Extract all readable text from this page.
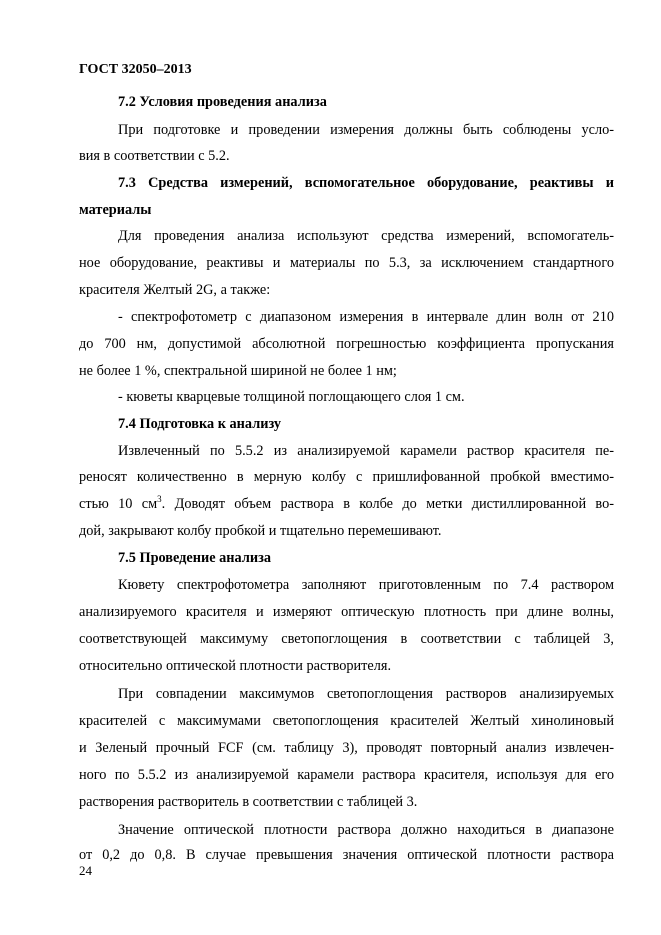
ГОСТ 32050–2013
7.2 Условия проведения анализа
При подготовке и проведении измерения должны быть соблюдены усло-
вия в соответствии с 5.2.
7.3 Средства измерений, вспомогательное оборудование, реактивы и
материалы
Для проведения анализа используют средства измерений, вспомогатель-
ное оборудование, реактивы и материалы по 5.3, за исключением стандартного
красителя Желтый 2G, а также:
- спектрофотометр с диапазоном измерения в интервале длин волн от 210
до 700 нм, допустимой абсолютной погрешностью коэффициента пропускания
не более 1 %, спектральной шириной не более 1 нм;
- кюветы кварцевые толщиной поглощающего слоя 1 см.
7.4 Подготовка к анализу
Извлеченный по 5.5.2 из анализируемой карамели раствор красителя пе-
реносят количественно в мерную колбу с пришлифованной пробкой вместимо-
стью 10 $см^3$. Доводят объем раствора в колбе до метки дистиллированной во-
дой, закрывают колбу пробкой и тщательно перемешивают.
7.5 Проведение анализа
Кювету спектрофотометра заполняют приготовленным по 7.4 раствором
анализируемого красителя и измеряют оптическую плотность при длине волны,
соответствующей максимуму светопоглощения в соответствии с таблицей 3,
относительно оптической плотности растворителя.
При совпадении максимумов светопоглощения растворов анализируемых
красителей с максимумами светопоглощения красителей Желтый хинолиновый
и Зеленый прочный FCF (см. таблицу 3), проводят повторный анализ извлечен-
ного по 5.5.2 из анализируемой карамели раствора красителя, используя для его
растворения растворитель в соответствии с таблицей 3.
Значение оптической плотности раствора должно находиться в диапазоне
от 0,2 до 0,8. В случае превышения значения оптической плотности раствора
24
